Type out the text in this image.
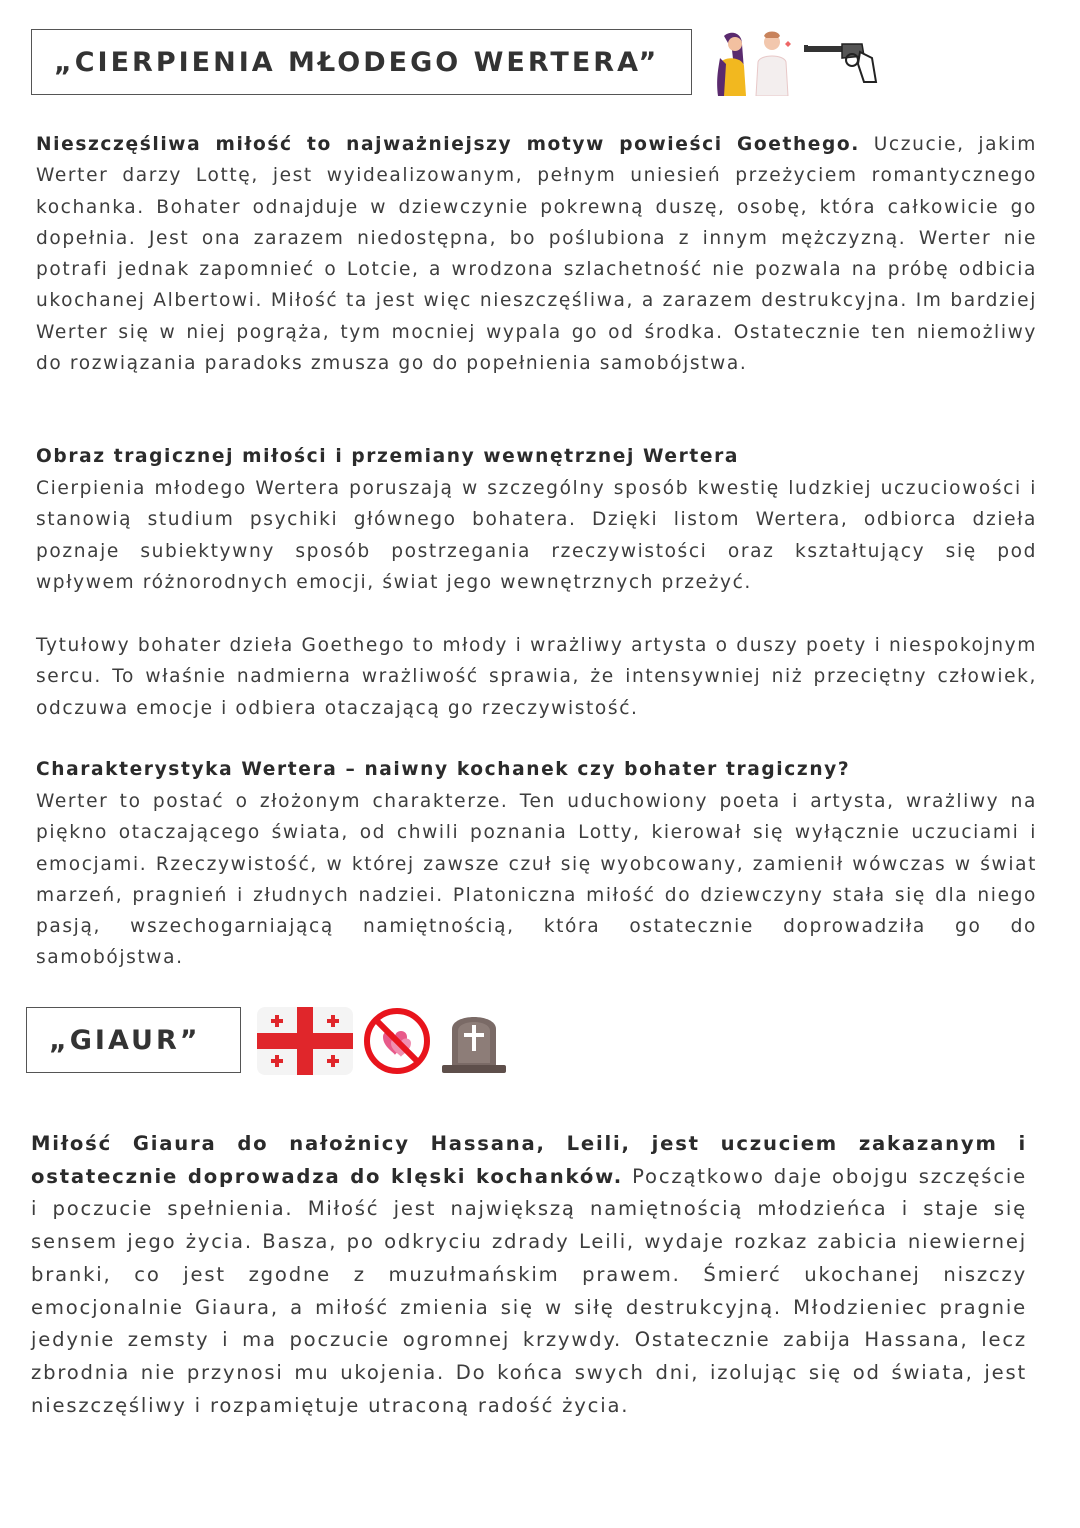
„CIERPIENIA MŁODEGO WERTERA”

Nieszczęśliwa miłość to najważniejszy motyw powieści Goethego. Uczucie, jakim Werter darzy Lottę, jest wyidealizowanym, pełnym uniesień przeżyciem romantycznego kochanka. Bohater odnajduje w dziewczynie pokrewną duszę, osobę, która całkowicie go dopełnia. Jest ona zarazem niedostępna, bo poślubiona z innym mężczyzną. Werter nie potrafi jednak zapomnieć o Lotcie, a wrodzona szlachetność nie pozwala na próbę odbicia ukochanej Albertowi. Miłość ta jest więc nieszczęśliwa, a zarazem destrukcyjna. Im bardziej Werter się w niej pogrąża, tym mocniej wypala go od środka. Ostatecznie ten niemożliwy do rozwiązania paradoks zmusza go do popełnienia samobójstwa.

Obraz tragicznej miłości i przemiany wewnętrznej Wertera

Cierpienia młodego Wertera poruszają w szczególny sposób kwestię ludzkiej uczuciowości i stanowią studium psychiki głównego bohatera. Dzięki listom Wertera, odbiorca dzieła poznaje subiektywny sposób postrzegania rzeczywistości oraz kształtujący się pod wpływem różnorodnych emocji, świat jego wewnętrznych przeżyć.

Tytułowy bohater dzieła Goethego to młody i wrażliwy artysta o duszy poety i niespokojnym sercu. To właśnie nadmierna wrażliwość sprawia, że intensywniej niż przeciętny człowiek, odczuwa emocje i odbiera otaczającą go rzeczywistość.

Charakterystyka Wertera – naiwny kochanek czy bohater tragiczny?

Werter to postać o złożonym charakterze. Ten uduchowiony poeta i artysta, wrażliwy na piękno otaczającego świata, od chwili poznania Lotty, kierował się wyłącznie uczuciami i emocjami. Rzeczywistość, w której zawsze czuł się wyobcowany, zamienił wówczas w świat marzeń, pragnień i złudnych nadziei. Platoniczna miłość do dziewczyny stała się dla niego pasją, wszechogarniającą namiętnością, która ostatecznie doprowadziła go do samobójstwa.

„GIAUR”

Miłość Giaura do nałożnicy Hassana, Leili, jest uczuciem zakazanym i ostatecznie doprowadza do klęski kochanków. Początkowo daje obojgu szczęście i poczucie spełnienia. Miłość jest największą namiętnością młodzieńca i staje się sensem jego życia. Basza, po odkryciu zdrady Leili, wydaje rozkaz zabicia niewiernej branki, co jest zgodne z muzułmańskim prawem. Śmierć ukochanej niszczy emocjonalnie Giaura, a miłość zmienia się w siłę destrukcyjną. Młodzieniec pragnie jedynie zemsty i ma poczucie ogromnej krzywdy. Ostatecznie zabija Hassana, lecz zbrodnia nie przynosi mu ukojenia. Do końca swych dni, izolując się od świata, jest nieszczęśliwy i rozpamiętuje utraconą radość życia.
